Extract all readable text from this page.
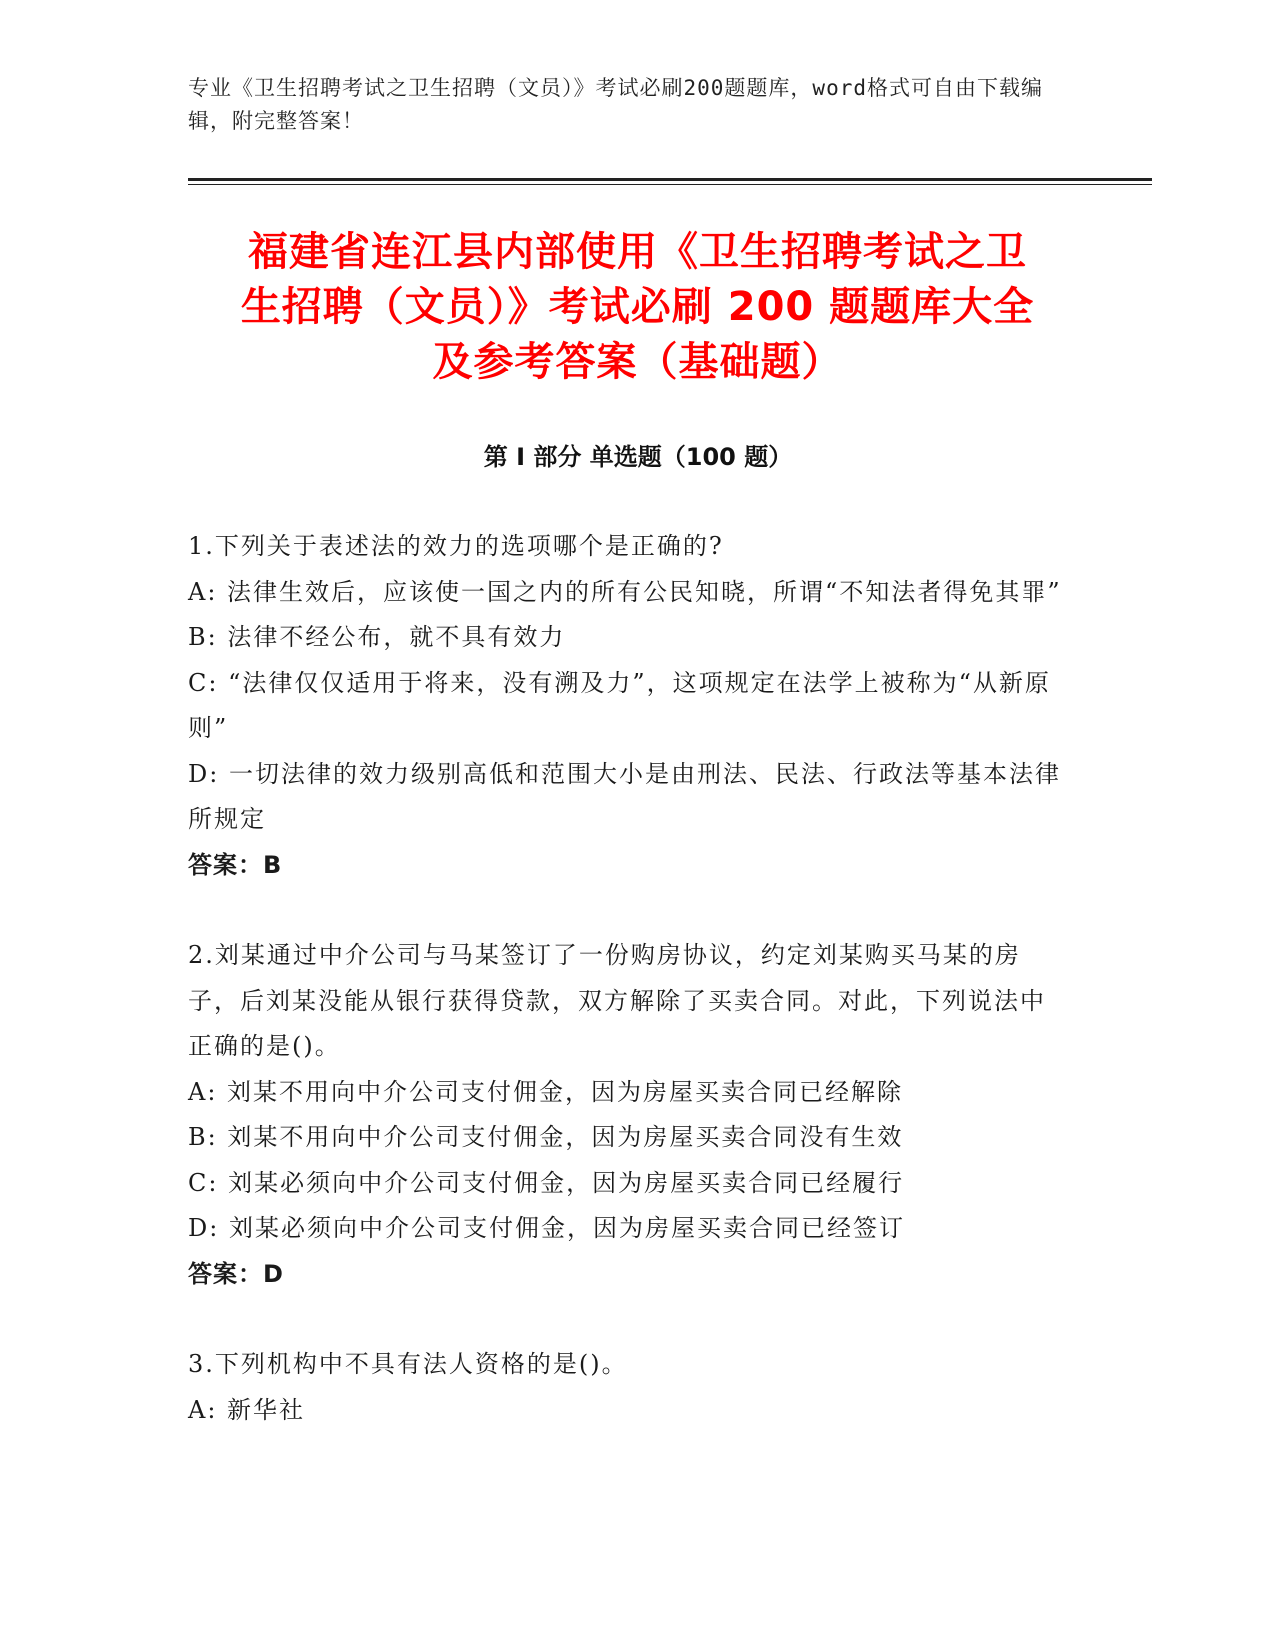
专业《卫生招聘考试之卫生招聘（文员）》考试必刷200题题库，word格式可自由下载编辑，附完整答案！
福建省连江县内部使用《卫生招聘考试之卫
生招聘（文员）》考试必刷 200 题题库大全
及参考答案（基础题）
第 I 部分 单选题（100 题）
1.下列关于表述法的效力的选项哪个是正确的?
A: 法律生效后，应该使一国之内的所有公民知晓，所谓“不知法者得免其罪”
B: 法律不经公布，就不具有效力
C: “法律仅仅适用于将来，没有溯及力”，这项规定在法学上被称为“从新原则”
D: 一切法律的效力级别高低和范围大小是由刑法、民法、行政法等基本法律所规定
答案：B
2.刘某通过中介公司与马某签订了一份购房协议，约定刘某购买马某的房子，后刘某没能从银行获得贷款，双方解除了买卖合同。对此，下列说法中正确的是()。
A: 刘某不用向中介公司支付佣金，因为房屋买卖合同已经解除
B: 刘某不用向中介公司支付佣金，因为房屋买卖合同没有生效
C: 刘某必须向中介公司支付佣金，因为房屋买卖合同已经履行
D: 刘某必须向中介公司支付佣金，因为房屋买卖合同已经签订
答案：D
3.下列机构中不具有法人资格的是()。
A: 新华社
